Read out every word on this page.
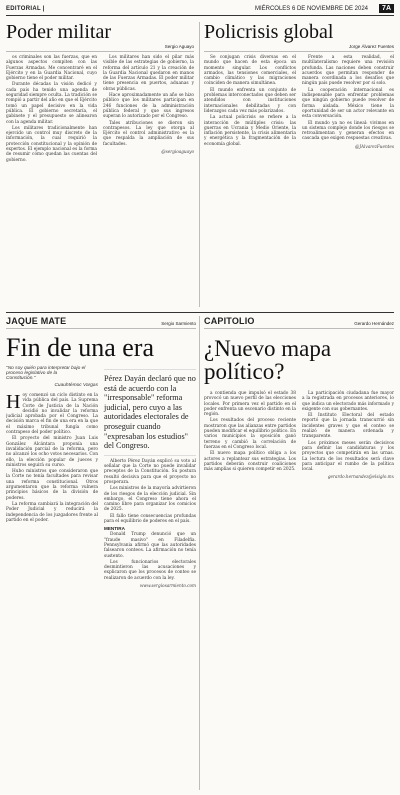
EDITORIAL |	MIÉRCOLES 6 DE NOVIEMBRE DE 2024	7A
Poder militar
Sergio Aguayo

os criminales son las fuerzas, que en algunos aspectos compiten con las Fuerzas Armadas. Me concentraré en el Ejército y en la Guardia Nacional, cuyo gobierno tiene el poder militar.

Durante décadas la visión dedicó y cada país ha tenido una agenda de seguridad siempre oculta. La tradición se rompió a partir del año en que el Ejército tomó un papel decisivo en la vida pública. El gobierno secretaría, el gabinete y el presupuesto se alinearon con la agenda militar.

Los militares tradicionalmente han ejercido un control muy discreto de la información, la cual requirió la protección constitucional y la opinión de expertos. El ejemplo nacional es la forma de resumir cómo quedan las cuentas del gobierno.

Los militares han sido el pilar más visible de las estrategias de gobierno, la reforma del artículo 21 y la creación de la Guardia Nacional quedaron en manos de las Fuerzas Armadas. El poder militar tiene presencia en puertos, aduanas y obras públicas.

Hace aproximadamente un año se hizo público que los militares participan en 246 funciones de la administración pública federal y que sus ingresos superan lo autorizado por el Congreso.

Tales atribuciones se dieron sin contrapesos. La ley que otorga al Ejército el control administrativo es la que respalda la ampliación de sus facultades.

@sergioaguayo
Policrisis global
Jorge Álvarez Fuentes

Se conjugan crisis diversas en el mundo que hacen de esta época un momento singular. Los conflictos armados, las tensiones comerciales, el cambio climático y las migraciones coinciden de manera simultánea.

El mundo enfrenta un conjunto de problemas interconectados que deben ser atendidos con instituciones internacionales debilitadas y con liderazgos cada vez más polarizados.

La actual policrisis se refiere a la interacción de múltiples crisis: las guerras en Ucrania y Medio Oriente, la inflación persistente, la crisis alimentaria y energética y la fragmentación de la economía global.

Frente a esta realidad, el multilateralismo requiere una revisión profunda. Las naciones deben construir acuerdos que permitan responder de manera coordinada a los desafíos que ningún país puede resolver por sí solo.

La cooperación internacional es indispensable para enfrentar problemas que ningún gobierno puede resolver de forma aislada. México tiene la oportunidad de ser un actor relevante en esta conversación.

El mundo ya no es lineal: vivimos en un sistema complejo donde los riesgos se retroalimentan y generan efectos en cascada que exigen respuestas creativas.

@JAlvarezFuentes
JAQUE MATE	Sergio Sarmiento
Fin de una era
"No soy quién para interpretar bajo el
proceso legislativo de la
Constitución."
Cuauhtémoc Vargas
H oy comenzó un ciclo distinto en la vida pública del país. La Suprema Corte de Justicia de la Nación decidió no invalidar la reforma judicial aprobada por el Congreso. La decisión marca el fin de una era en la que el máximo tribunal fungía como contrapeso del poder político.

El proyecto del ministro Juan Luis González Alcántara proponía una invalidación parcial de la reforma, pero no alcanzó los ocho votos necesarios. Con ello, la elección popular de jueces y ministros seguirá su curso.

Hubo ministros que consideraron que la Corte no tenía facultades para revisar una reforma constitucional. Otros argumentaron que la reforma vulnera principios básicos de la división de poderes.

La reforma cambiará la integración del Poder Judicial y reducirá la independencia de los juzgadores frente al partido en el poder.

Pérez Dayán declaró que no está de acuerdo con la "irresponsable" reforma judicial, pero cuyo a las autoridades electorales de proseguir cuando "expresaban los estudios" del Congreso.

Alberto Pérez Dayán explicó su voto al señalar que la Corte no puede invalidar preceptos de la Constitución. Su postura resultó decisiva para que el proyecto no prosperara.

Los ministros de la mayoría advirtieron de los riesgos de la elección judicial. Sin embargo, el Congreso tiene ahora el camino libre para organizar los comicios de 2025.

El fallo tiene consecuencias profundas para el equilibrio de poderes en el país.

MENTIRA

Donald Trump denunció que un "fraude masivo" en Filadelfia. Pennsylvania afirmó que las autoridades falsearon conteos. La afirmación no tenía sustento.

Los funcionarios electorales desmintieron las acusaciones y explicaron que los procesos de conteo se realizaron de acuerdo con la ley.

www.sergiosarmiento.com
CAPITOLIO	Gerardo Hernández
¿Nuevo mapa político?

a contienda que impulsó el estado 38 provocó un nuevo perfil de las elecciones locales. Por primera vez el partido en el poder enfrenta un escenario distinto en la región.

Los resultados del proceso reciente mostraron que las alianzas entre partidos pueden modificar el equilibrio político. En varios municipios la oposición ganó terreno y cambió la correlación de fuerzas en el Congreso local.

El nuevo mapa político obliga a los actores a replantear sus estrategias. Los partidos deberán construir coaliciones más amplias si quieren competir en 2025.

La participación ciudadana fue mayor a la registrada en procesos anteriores, lo que indica un electorado más informado y exigente con sus gobernantes.

El Instituto Electoral del estado reportó que la jornada transcurrió sin incidentes graves y que el conteo se realizó de manera ordenada y transparente.

Los próximos meses serán decisivos para definir las candidaturas y los proyectos que competirán en las urnas. La lectura de los resultados será clave para anticipar el rumbo de la política local.

gerardo.hernandez@elsiglo.mx
